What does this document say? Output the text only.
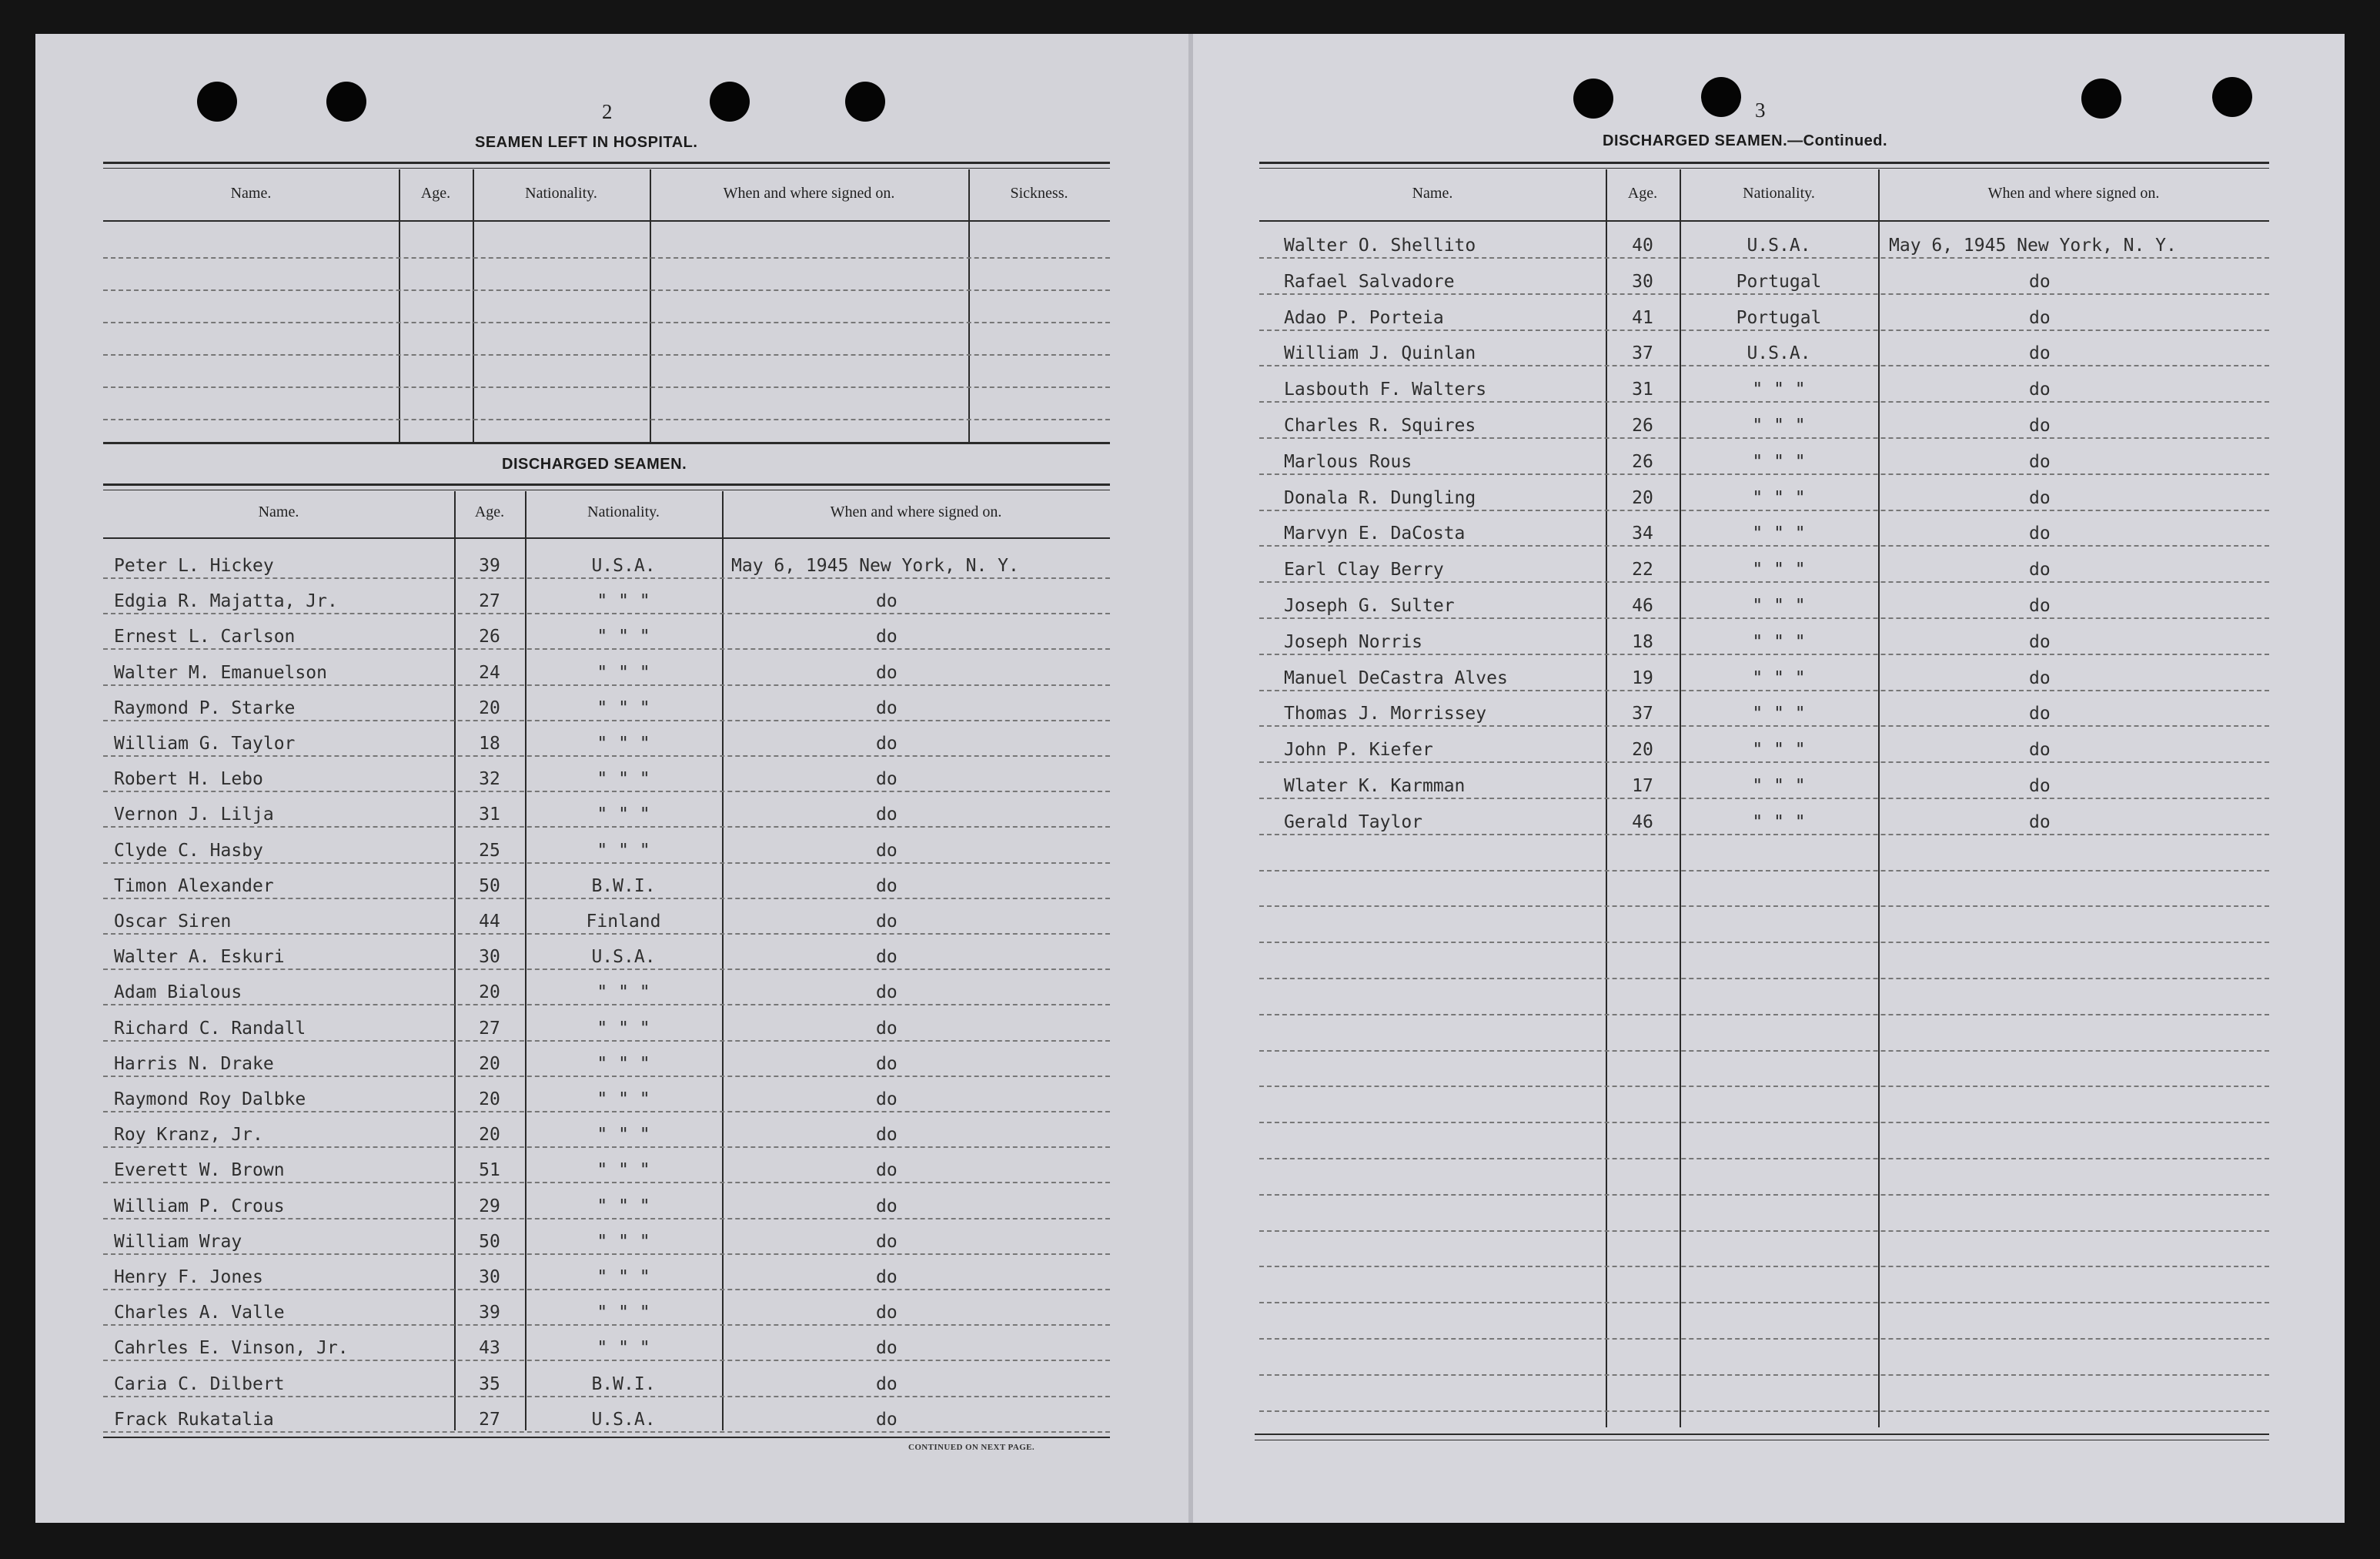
2
SEAMEN LEFT IN HOSPITAL.
Name.	Age.	Nationality.	When and where signed on.	Sickness.
DISCHARGED SEAMEN.
Name.	Age.	Nationality.	When and where signed on.
Peter L. Hickey	39	U.S.A.	May 6, 1945 New York, N. Y.
Edgia R. Majatta, Jr.	27	" " "	do
Ernest L. Carlson	26	" " "	do
Walter M. Emanuelson	24	" " "	do
Raymond P. Starke	20	" " "	do
William G. Taylor	18	" " "	do
Robert H. Lebo	32	" " "	do
Vernon J. Lilja	31	" " "	do
Clyde C. Hasby	25	" " "	do
Timon Alexander	50	B.W.I.	do
Oscar Siren	44	Finland	do
Walter A. Eskuri	30	U.S.A.	do
Adam Bialous	20	" " "	do
Richard C. Randall	27	" " "	do
Harris N. Drake	20	" " "	do
Raymond Roy Dalbke	20	" " "	do
Roy Kranz, Jr.	20	" " "	do
Everett W. Brown	51	" " "	do
William P. Crous	29	" " "	do
William Wray	50	" " "	do
Henry F. Jones	30	" " "	do
Charles A. Valle	39	" " "	do
Cahrles E. Vinson, Jr.	43	" " "	do
Caria C. Dilbert	35	B.W.I.	do
Frack Rukatalia	27	U.S.A.	do
CONTINUED ON NEXT PAGE.
3
DISCHARGED SEAMEN.—Continued.
Name.	Age.	Nationality.	When and where signed on.
Walter O. Shellito	40	U.S.A.	May 6, 1945 New York, N. Y.
Rafael Salvadore	30	Portugal	do
Adao P. Porteia	41	Portugal	do
William J. Quinlan	37	U.S.A.	do
Lasbouth F. Walters	31	" " "	do
Charles R. Squires	26	" " "	do
Marlous Rous	26	" " "	do
Donala R. Dungling	20	" " "	do
Marvyn E. DaCosta	34	" " "	do
Earl Clay Berry	22	" " "	do
Joseph G. Sulter	46	" " "	do
Joseph Norris	18	" " "	do
Manuel DeCastra Alves	19	" " "	do
Thomas J. Morrissey	37	" " "	do
John P. Kiefer	20	" " "	do
Wlater K. Karmman	17	" " "	do
Gerald Taylor	46	" " "	do
